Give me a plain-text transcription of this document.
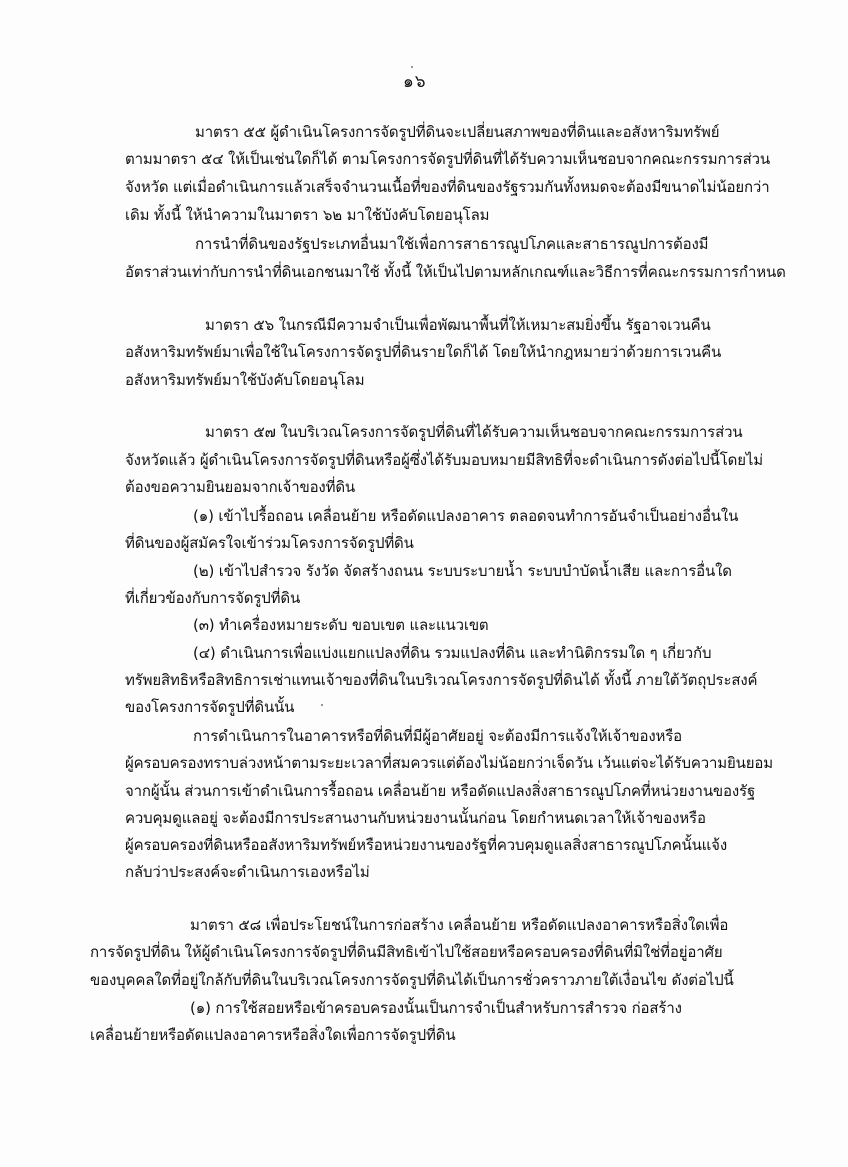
๑๖
มาตรา ๕๕ ผู้ดำเนินโครงการจัดรูปที่ดินจะเปลี่ยนสภาพของที่ดินและอสังหาริมทรัพย์
ตามมาตรา ๕๔ ให้เป็นเช่นใดก็ได้ ตามโครงการจัดรูปที่ดินที่ได้รับความเห็นชอบจากคณะกรรมการส่วน
จังหวัด แต่เมื่อดำเนินการแล้วเสร็จจำนวนเนื้อที่ของที่ดินของรัฐรวมกันทั้งหมดจะต้องมีขนาดไม่น้อยกว่า
เดิม ทั้งนี้ ให้นำความในมาตรา ๖๒ มาใช้บังคับโดยอนุโลม
การนำที่ดินของรัฐประเภทอื่นมาใช้เพื่อการสาธารณูปโภคและสาธารณูปการต้องมี
อัตราส่วนเท่ากับการนำที่ดินเอกชนมาใช้ ทั้งนี้ ให้เป็นไปตามหลักเกณฑ์และวิธีการที่คณะกรรมการกำหนด
มาตรา ๕๖ ในกรณีมีความจำเป็นเพื่อพัฒนาพื้นที่ให้เหมาะสมยิ่งขึ้น รัฐอาจเวนคืน
อสังหาริมทรัพย์มาเพื่อใช้ในโครงการจัดรูปที่ดินรายใดก็ได้ โดยให้นำกฎหมายว่าด้วยการเวนคืน
อสังหาริมทรัพย์มาใช้บังคับโดยอนุโลม
มาตรา ๕๗ ในบริเวณโครงการจัดรูปที่ดินที่ได้รับความเห็นชอบจากคณะกรรมการส่วน
จังหวัดแล้ว ผู้ดำเนินโครงการจัดรูปที่ดินหรือผู้ซึ่งได้รับมอบหมายมีสิทธิที่จะดำเนินการดังต่อไปนี้โดยไม่
ต้องขอความยินยอมจากเจ้าของที่ดิน
(๑) เข้าไปรื้อถอน เคลื่อนย้าย หรือดัดแปลงอาคาร ตลอดจนทำการอันจำเป็นอย่างอื่นใน
ที่ดินของผู้สมัครใจเข้าร่วมโครงการจัดรูปที่ดิน
(๒) เข้าไปสำรวจ รังวัด จัดสร้างถนน ระบบระบายน้ำ ระบบบำบัดน้ำเสีย และการอื่นใด
ที่เกี่ยวข้องกับการจัดรูปที่ดิน
(๓) ทำเครื่องหมายระดับ ขอบเขต และแนวเขต
(๔) ดำเนินการเพื่อแบ่งแยกแปลงที่ดิน รวมแปลงที่ดิน และทำนิติกรรมใด ๆ เกี่ยวกับ
ทรัพยสิทธิหรือสิทธิการเช่าแทนเจ้าของที่ดินในบริเวณโครงการจัดรูปที่ดินได้ ทั้งนี้ ภายใต้วัตถุประสงค์
ของโครงการจัดรูปที่ดินนั้น
การดำเนินการในอาคารหรือที่ดินที่มีผู้อาศัยอยู่ จะต้องมีการแจ้งให้เจ้าของหรือ
ผู้ครอบครองทราบล่วงหน้าตามระยะเวลาที่สมควรแต่ต้องไม่น้อยกว่าเจ็ดวัน เว้นแต่จะได้รับความยินยอม
จากผู้นั้น ส่วนการเข้าดำเนินการรื้อถอน เคลื่อนย้าย หรือดัดแปลงสิ่งสาธารณูปโภคที่หน่วยงานของรัฐ
ควบคุมดูแลอยู่ จะต้องมีการประสานงานกับหน่วยงานนั้นก่อน โดยกำหนดเวลาให้เจ้าของหรือ
ผู้ครอบครองที่ดินหรืออสังหาริมทรัพย์หรือหน่วยงานของรัฐที่ควบคุมดูแลสิ่งสาธารณูปโภคนั้นแจ้ง
กลับว่าประสงค์จะดำเนินการเองหรือไม่
มาตรา ๕๘ เพื่อประโยชน์ในการก่อสร้าง เคลื่อนย้าย หรือดัดแปลงอาคารหรือสิ่งใดเพื่อ
การจัดรูปที่ดิน ให้ผู้ดำเนินโครงการจัดรูปที่ดินมีสิทธิเข้าไปใช้สอยหรือครอบครองที่ดินที่มิใช่ที่อยู่อาศัย
ของบุคคลใดที่อยู่ใกล้กับที่ดินในบริเวณโครงการจัดรูปที่ดินได้เป็นการชั่วคราวภายใต้เงื่อนไข ดังต่อไปนี้
(๑) การใช้สอยหรือเข้าครอบครองนั้นเป็นการจำเป็นสำหรับการสำรวจ ก่อสร้าง
เคลื่อนย้ายหรือดัดแปลงอาคารหรือสิ่งใดเพื่อการจัดรูปที่ดิน
